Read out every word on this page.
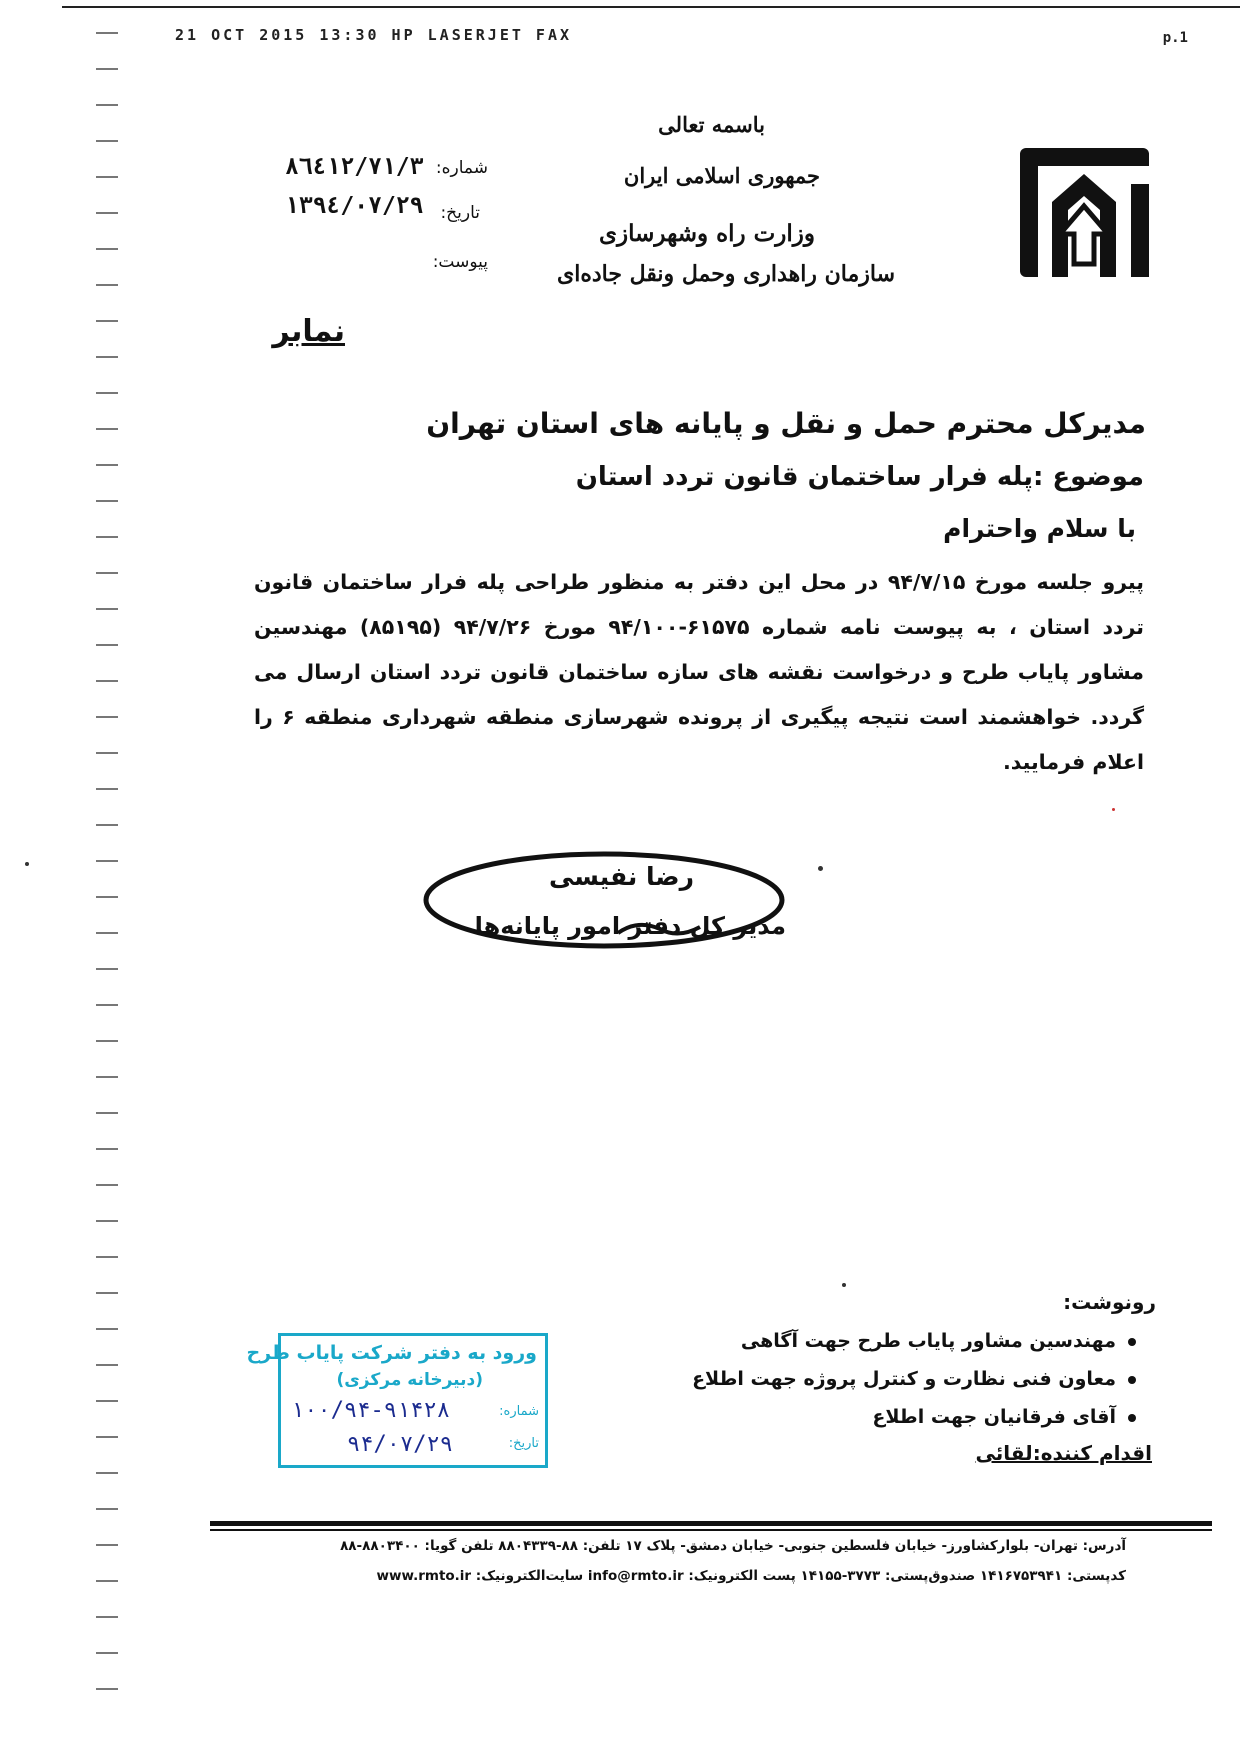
21 OCT 2015 13:30 HP LASERJET FAX	p.1
باسمه تعالی
جمهوری اسلامی ایران
وزارت راه وشهرسازی
سازمان راهداری وحمل ونقل جاده‌ای
شماره:
۸٦٤۱۲/۷۱/۳
تاریخ:
۱۳۹٤/۰۷/۲۹
پیوست:
نمابر
مدیرکل محترم حمل و نقل و پایانه های استان تهران
موضوع :پله فرار ساختمان قانون تردد استان
با سلام واحترام
پیرو جلسه مورخ ۹۴/۷/۱۵ در محل این دفتر به منظور طراحی پله فرار ساختمان قانون تردد استان ، به پیوست نامه شماره ۶۱۵۷۵-۹۴/۱۰۰ مورخ ۹۴/۷/۲۶ (۸۵۱۹۵) مهندسین مشاور پایاب طرح و درخواست نقشه های سازه ساختمان قانون تردد استان ارسال می گردد. خواهشمند است نتیجه پیگیری از پرونده شهرسازی منطقه شهرداری منطقه ۶ را اعلام فرمایید.
رضا نفیسی
مدیر کل دفتر امور پایانه‌ها
رونوشت:
مهندسین مشاور پایاب طرح جهت آگاهی
معاون فنی نظارت و کنترل پروژه جهت اطلاع
آقای فرقانیان جهت اطلاع
اقدام کننده:لقائی
ورود به دفتر شرکت پایاب طرح
(دبیرخانه مرکزی)
شماره:
۱۰۰/۹۴-۹۱۴۲۸
تاریخ:
۹۴/۰۷/۲۹
آدرس: تهران- بلوارکشاورز- خیابان فلسطین جنوبی- خیابان دمشق- پلاک ۱۷ تلفن: ۸۸-۸۸۰۴۳۳۹ تلفن گویا: ۸۸۰۳۴۰۰-۸۸
کدپستی: ۱۴۱۶۷۵۳۹۴۱ صندوق‌پستی: ۳۷۷۳-۱۴۱۵۵ پست الکترونیک: info@rmto.ir سایت‌الکترونیک: www.rmto.ir
